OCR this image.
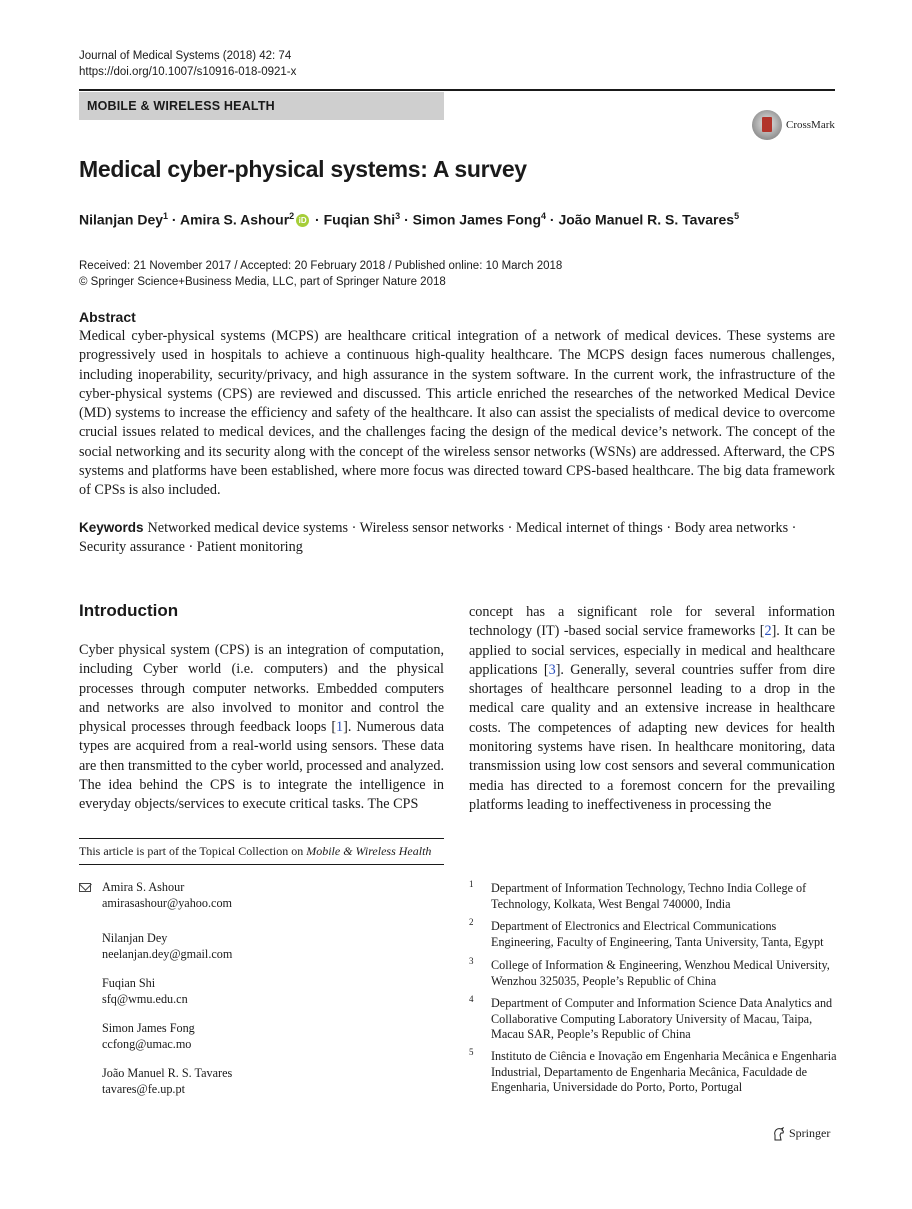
Journal of Medical Systems (2018) 42: 74
https://doi.org/10.1007/s10916-018-0921-x
MOBILE & WIRELESS HEALTH
CrossMark
Medical cyber-physical systems: A survey
Nilanjan Dey$^1$ · Amira S. Ashour$^2$ iD · Fuqian Shi$^3$ · Simon James Fong$^4$ · João Manuel R. S. Tavares$^5$
Received: 21 November 2017 / Accepted: 20 February 2018 / Published online: 10 March 2018
© Springer Science+Business Media, LLC, part of Springer Nature 2018
Abstract
Medical cyber-physical systems (MCPS) are healthcare critical integration of a network of medical devices. These systems are progressively used in hospitals to achieve a continuous high-quality healthcare. The MCPS design faces numerous challenges, including inoperability, security/privacy, and high assurance in the system software. In the current work, the infrastructure of the cyber-physical systems (CPS) are reviewed and discussed. This article enriched the researches of the networked Medical Device (MD) systems to increase the efficiency and safety of the healthcare. It also can assist the specialists of medical device to overcome crucial issues related to medical devices, and the challenges facing the design of the medical device’s network. The concept of the social networking and its security along with the concept of the wireless sensor networks (WSNs) are addressed. Afterward, the CPS systems and platforms have been established, where more focus was directed toward CPS-based healthcare. The big data framework of CPSs is also included.
Keywords Networked medical device systems · Wireless sensor networks · Medical internet of things · Body area networks · Security assurance · Patient monitoring
Introduction
Cyber physical system (CPS) is an integration of computation, including Cyber world (i.e. computers) and the physical processes through computer networks. Embedded computers and networks are also involved to monitor and control the physical processes through feedback loops [1]. Numerous data types are acquired from a real-world using sensors. These data are then transmitted to the cyber world, processed and analyzed. The idea behind the CPS is to integrate the intelligence in everyday objects/services to execute critical tasks. The CPS
concept has a significant role for several information technology (IT) -based social service frameworks [2]. It can be applied to social services, especially in medical and healthcare applications [3]. Generally, several countries suffer from dire shortages of healthcare personnel leading to a drop in the medical care quality and an extensive increase in healthcare costs. The competences of adapting new devices for health monitoring systems have risen. In healthcare monitoring, data transmission using low cost sensors and several communication media has directed to a foremost concern for the prevailing platforms leading to ineffectiveness in processing the
This article is part of the Topical Collection on Mobile & Wireless Health
Amira S. Ashour
amirasashour@yahoo.com
Nilanjan Dey
neelanjan.dey@gmail.com
Fuqian Shi
sfq@wmu.edu.cn
Simon James Fong
ccfong@umac.mo
João Manuel R. S. Tavares
tavares@fe.up.pt
1 Department of Information Technology, Techno India College of Technology, Kolkata, West Bengal 740000, India
2 Department of Electronics and Electrical Communications Engineering, Faculty of Engineering, Tanta University, Tanta, Egypt
3 College of Information & Engineering, Wenzhou Medical University, Wenzhou 325035, People’s Republic of China
4 Department of Computer and Information Science Data Analytics and Collaborative Computing Laboratory University of Macau, Taipa, Macau SAR, People’s Republic of China
5 Instituto de Ciência e Inovação em Engenharia Mecânica e Engenharia Industrial, Departamento de Engenharia Mecânica, Faculdade de Engenharia, Universidade do Porto, Porto, Portugal
Springer
